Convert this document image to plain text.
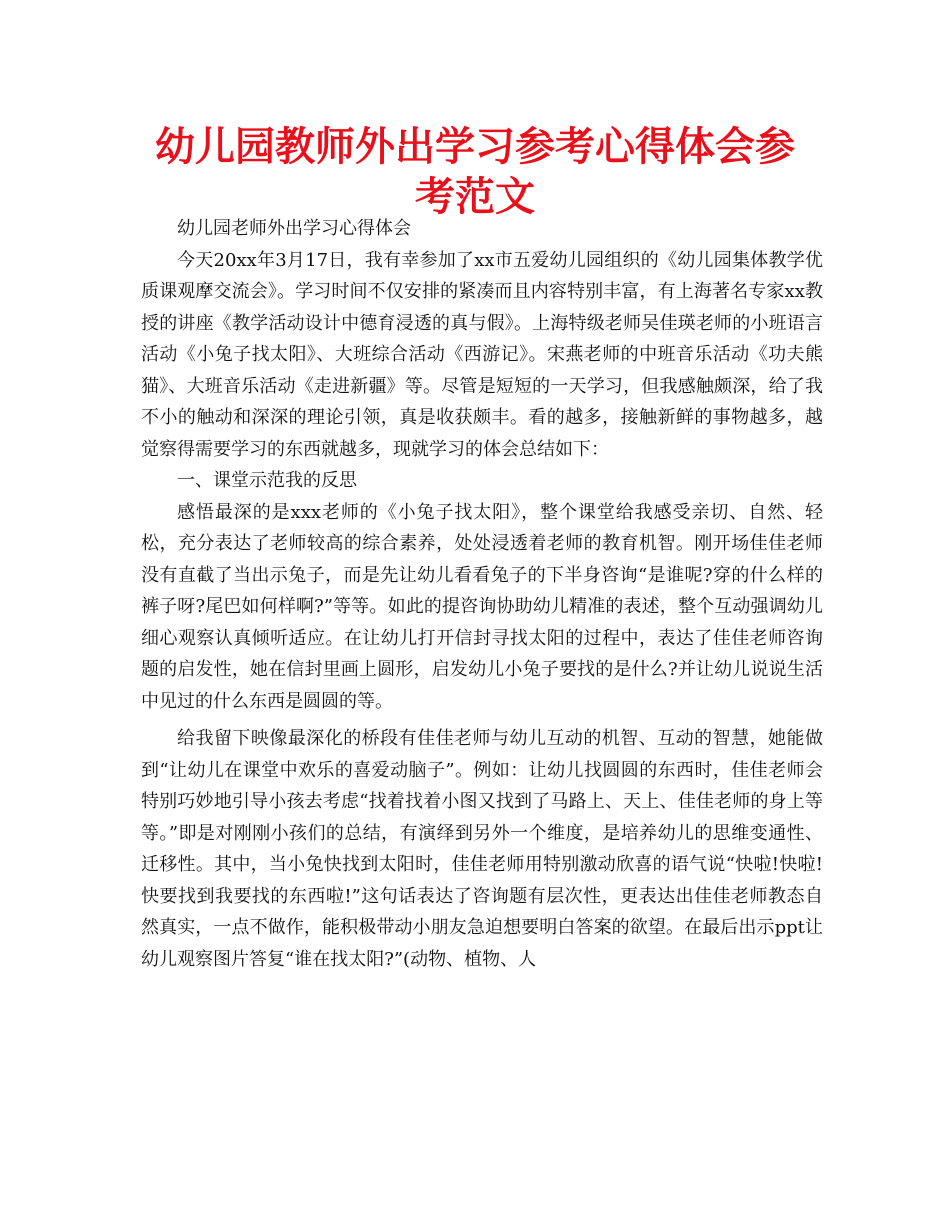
幼儿园教师外出学习参考心得体会参考范文

幼儿园老师外出学习心得体会

今天20xx年3月17日，我有幸参加了xx市五爱幼儿园组织的《幼儿园集体教学优质课观摩交流会》。学习时间不仅安排的紧凑而且内容特别丰富，有上海著名专家xx教授的讲座《教学活动设计中德育浸透的真与假》。上海特级老师吴佳瑛老师的小班语言活动《小兔子找太阳》、大班综合活动《西游记》。宋燕老师的中班音乐活动《功夫熊猫》、大班音乐活动《走进新疆》等。尽管是短短的一天学习，但我感触颇深，给了我不小的触动和深深的理论引领，真是收获颇丰。看的越多，接触新鲜的事物越多，越觉察得需要学习的东西就越多，现就学习的体会总结如下：

一、课堂示范我的反思

感悟最深的是xxx老师的《小兔子找太阳》，整个课堂给我感受亲切、自然、轻松，充分表达了老师较高的综合素养，处处浸透着老师的教育机智。刚开场佳佳老师没有直截了当出示兔子，而是先让幼儿看看兔子的下半身咨询“是谁呢?穿的什么样的裤子呀?尾巴如何样啊?”等等。如此的提咨询协助幼儿精准的表述，整个互动强调幼儿细心观察认真倾听适应。在让幼儿打开信封寻找太阳的过程中，表达了佳佳老师咨询题的启发性，她在信封里画上圆形，启发幼儿小兔子要找的是什么?并让幼儿说说生活中见过的什么东西是圆圆的等。

给我留下映像最深化的桥段有佳佳老师与幼儿互动的机智、互动的智慧，她能做到“让幼儿在课堂中欢乐的喜爱动脑子”。例如：让幼儿找圆圆的东西时，佳佳老师会特别巧妙地引导小孩去考虑“找着找着小图又找到了马路上、天上、佳佳老师的身上等等。”即是对刚刚小孩们的总结，有演绎到另外一个维度，是培养幼儿的思维变通性、迁移性。其中，当小兔快找到太阳时，佳佳老师用特别激动欣喜的语气说“快啦!快啦!快要找到我要找的东西啦!”这句话表达了咨询题有层次性，更表达出佳佳老师教态自然真实，一点不做作，能积极带动小朋友急迫想要明白答案的欲望。在最后出示ppt让幼儿观察图片答复“谁在找太阳?”(动物、植物、人
